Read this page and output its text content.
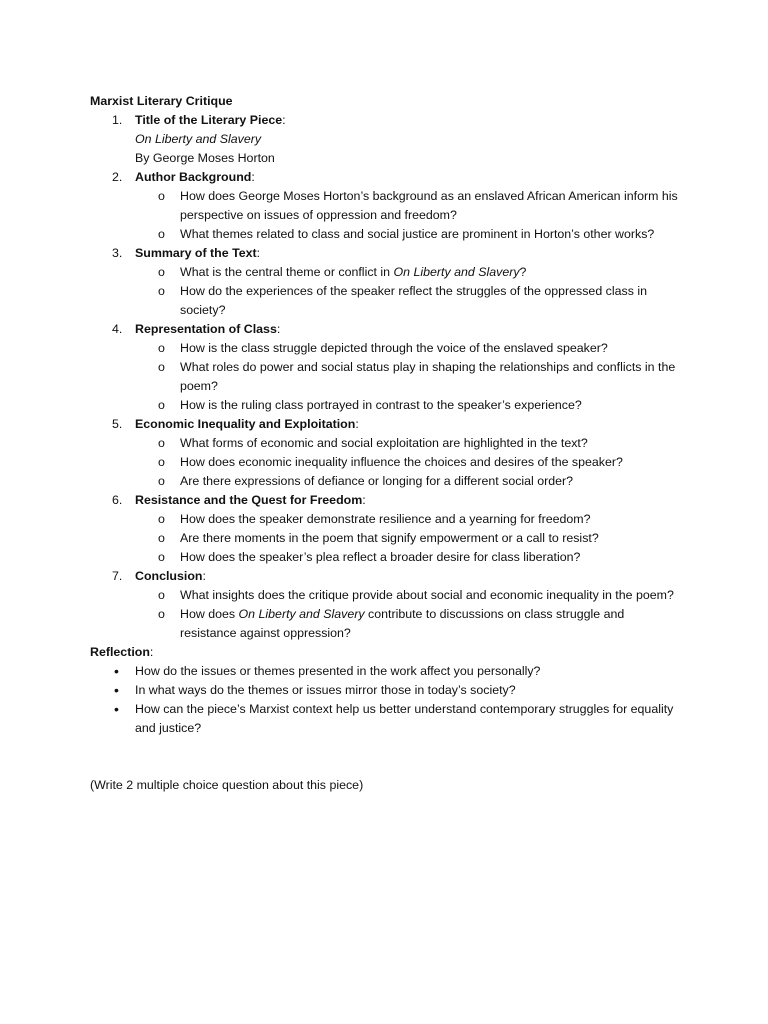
Marxist Literary Critique
1. Title of the Literary Piece:
On Liberty and Slavery
By George Moses Horton
2. Author Background:
o How does George Moses Horton’s background as an enslaved African American inform his perspective on issues of oppression and freedom?
o What themes related to class and social justice are prominent in Horton’s other works?
3. Summary of the Text:
o What is the central theme or conflict in On Liberty and Slavery?
o How do the experiences of the speaker reflect the struggles of the oppressed class in society?
4. Representation of Class:
o How is the class struggle depicted through the voice of the enslaved speaker?
o What roles do power and social status play in shaping the relationships and conflicts in the poem?
o How is the ruling class portrayed in contrast to the speaker’s experience?
5. Economic Inequality and Exploitation:
o What forms of economic and social exploitation are highlighted in the text?
o How does economic inequality influence the choices and desires of the speaker?
o Are there expressions of defiance or longing for a different social order?
6. Resistance and the Quest for Freedom:
o How does the speaker demonstrate resilience and a yearning for freedom?
o Are there moments in the poem that signify empowerment or a call to resist?
o How does the speaker’s plea reflect a broader desire for class liberation?
7. Conclusion:
o What insights does the critique provide about social and economic inequality in the poem?
o How does On Liberty and Slavery contribute to discussions on class struggle and resistance against oppression?
Reflection:
• How do the issues or themes presented in the work affect you personally?
• In what ways do the themes or issues mirror those in today’s society?
• How can the piece’s Marxist context help us better understand contemporary struggles for equality and justice?
(Write 2 multiple choice question about this piece)
